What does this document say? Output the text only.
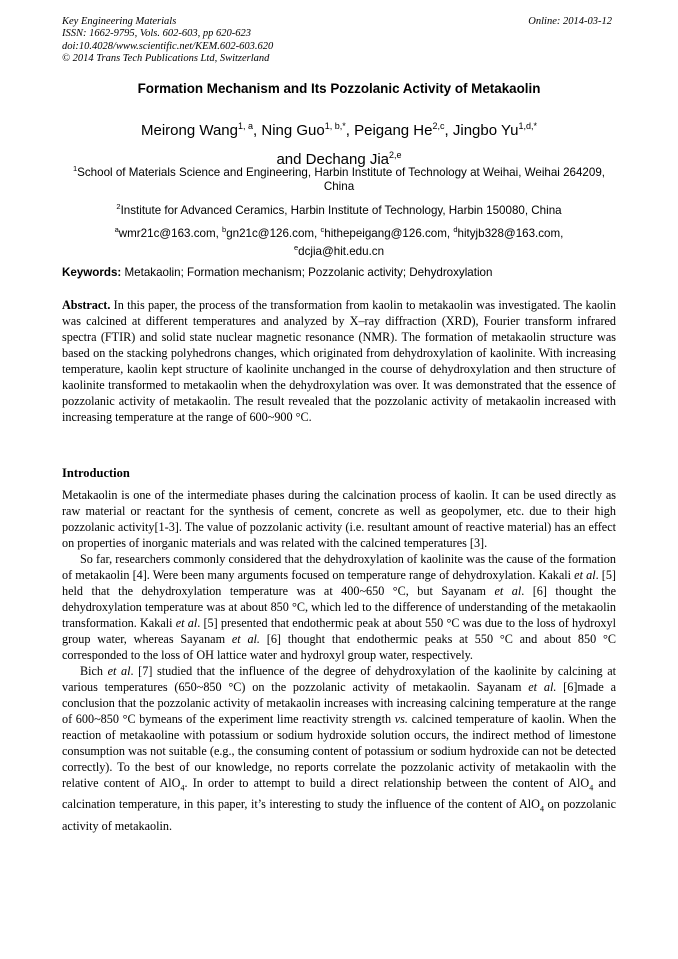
Key Engineering Materials
ISSN: 1662-9795, Vols. 602-603, pp 620-623
doi:10.4028/www.scientific.net/KEM.602-603.620
© 2014 Trans Tech Publications Ltd, Switzerland
Online: 2014-03-12
Formation Mechanism and Its Pozzolanic Activity of Metakaolin
Meirong Wang$^{1, a}$, Ning Guo$^{1, b,*}$, Peigang He$^{2,c}$, Jingbo $Yu^{1,d,*}$
and Dechang Jia$^{2,e}$

$^1$School of Materials Science and Engineering, Harbin Institute of Technology at Weihai, Weihai 264209, China

$^2$Institute for Advanced Ceramics, Harbin Institute of Technology, Harbin 150080, China

$^a$wmr21c@163.com, $^b$gn21c@126.com, $^c$hithepeigang@126.com, $^d$hityjb328@163.com,
$^e$dcjia@hit.edu.cn

Keywords: Metakaolin; Formation mechanism; Pozzolanic activity; Dehydroxylation

Abstract. In this paper, the process of the transformation from kaolin to metakaolin was investigated. The kaolin was calcined at different temperatures and analyzed by X–ray diffraction (XRD), Fourier transform infrared spectra (FTIR) and solid state nuclear magnetic resonance (NMR). The formation of metakaolin structure was based on the stacking polyhedrons changes, which originated from dehydroxylation of kaolinite. With increasing temperature, kaolin kept structure of kaolinite unchanged in the course of dehydroxylation and then structure of kaolinite transformed to metakaolin when the dehydroxylation was over. It was demonstrated that the essence of pozzolanic activity of metakaolin. The result revealed that the pozzolanic activity of metakaolin increased with increasing temperature at the range of 600~900 °C.

Introduction

Metakaolin is one of the intermediate phases during the calcination process of kaolin. It can be used directly as raw material or reactant for the synthesis of cement, concrete as well as geopolymer, etc. due to their high pozzolanic activity[1-3]. The value of pozzolanic activity (i.e. resultant amount of reactive material) has an effect on properties of inorganic materials and was related with the calcined temperatures [3].

So far, researchers commonly considered that the dehydroxylation of kaolinite was the cause of the formation of metakaolin [4]. Were been many arguments focused on temperature range of dehydroxylation. Kakali et al. [5] held that the dehydroxylation temperature was at 400~650 °C, but Sayanam et al. [6] thought the dehydroxylation temperature was at about 850 °C, which led to the difference of understanding of the metakaolin transformation. Kakali et al. [5] presented that endothermic peak at about 550 °C was due to the loss of hydroxyl group water, whereas Sayanam et al. [6] thought that endothermic peaks at 550 °C and about 850 °C corresponded to the loss of OH lattice water and hydroxyl group water, respectively.

Bich et al. [7] studied that the influence of the degree of dehydroxylation of the kaolinite by calcining at various temperatures (650~850 °C) on the pozzolanic activity of metakaolin. Sayanam et al. [6]made a conclusion that the pozzolanic activity of metakaolin increases with increasing calcining temperature at the range of 600~850 °C bymeans of the experiment lime reactivity strength vs. calcined temperature of kaolin. When the reaction of metakaoline with potassium or sodium hydroxide solution occurs, the indirect method of limestone consumption was not suitable (e.g., the consuming content of potassium or sodium hydroxide can not be detected correctly). To the best of our knowledge, no reports correlate the pozzolanic activity of metakaolin with the relative content of AlO$_4$. In order to attempt to build a direct relationship between the content of AlO$_4$ and calcination temperature, in this paper, it’s interesting to study the influence of the content of AlO$_4$ on pozzolanic activity of metakaolin.
